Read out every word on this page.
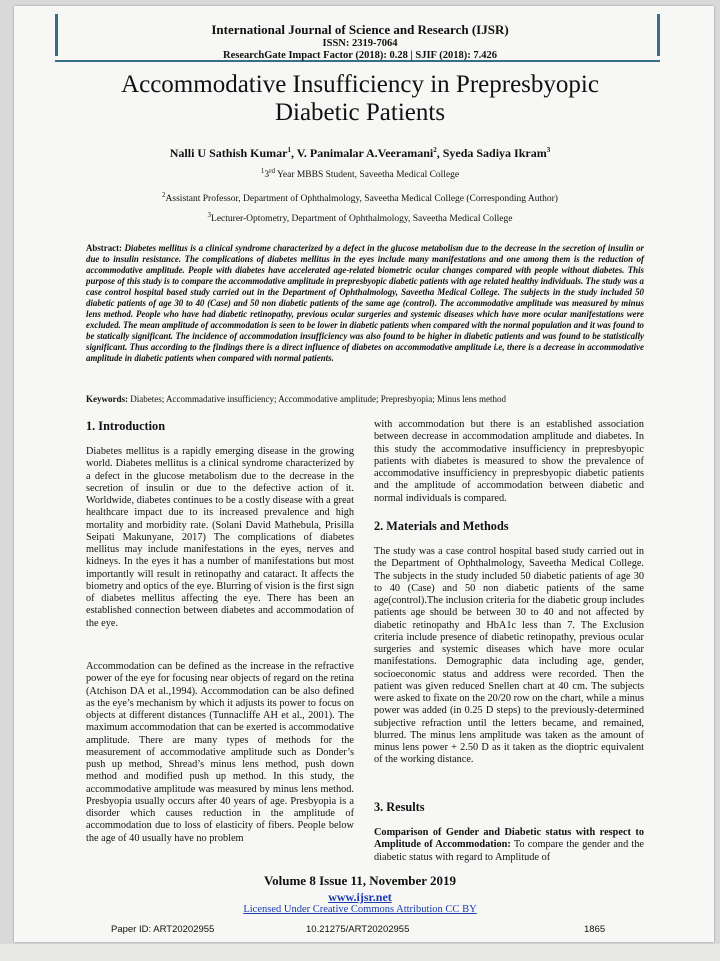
International Journal of Science and Research (IJSR)
ISSN: 2319-7064
ResearchGate Impact Factor (2018): 0.28 | SJIF (2018): 7.426
Accommodative Insufficiency in Prepresbyopic
Diabetic Patients
Nalli U Sathish Kumar$^1$, V. Panimalar A.Veeramani$^2$, Syeda Sadiya Ikram$^3$
$^1$3rd Year MBBS Student, Saveetha Medical College
$^2$Assistant Professor, Department of Ophthalmology, Saveetha Medical College (Corresponding Author)
$^3$Lecturer-Optometry, Department of Ophthalmology, Saveetha Medical College
Abstract: Diabetes mellitus is a clinical syndrome characterized by a defect in the glucose metabolism due to the decrease in the secretion of insulin or due to insulin resistance. The complications of diabetes mellitus in the eyes include many manifestations and one among them is the reduction of accommodative amplitude. People with diabetes have accelerated age-related biometric ocular changes compared with people without diabetes. This purpose of this study is to compare the accommodative amplitude in prepresbyopic diabetic patients with age related healthy individuals. The study was a case control hospital based study carried out in the Department of Ophthalmology, Saveetha Medical College. The subjects in the study included 50 diabetic patients of age 30 to 40 (Case) and 50 non diabetic patients of the same age (control). The accommodative amplitude was measured by minus lens method. People who have had diabetic retinopathy, previous ocular surgeries and systemic diseases which have more ocular manifestations were excluded. The mean amplitude of accommodation is seen to be lower in diabetic patients when compared with the normal population and it was found to be statically significant. The incidence of accommodation insufficiency was also found to be higher in diabetic patients and was found to be statistically significant. Thus according to the findings there is a direct influence of diabetes on accommodative amplitude i.e, there is a decrease in accommodative amplitude in diabetic patients when compared with normal patients.
Keywords: Diabetes; Accommadative insufficiency; Accommodative amplitude; Prepresbyopia; Minus lens method
1. Introduction

Diabetes mellitus is a rapidly emerging disease in the growing world. Diabetes mellitus is a clinical syndrome characterized by a defect in the glucose metabolism due to the decrease in the secretion of insulin or due to the defective action of it. Worldwide, diabetes continues to be a costly disease with a great healthcare impact due to its increased prevalence and high mortality and morbidity rate. (Solani David Mathebula, Prisilla Seipati Makunyane, 2017) The complications of diabetes mellitus may include manifestations in the eyes, nerves and kidneys. In the eyes it has a number of manifestations but most importantly will result in retinopathy and cataract. It affects the biometry and optics of the eye. Blurring of vision is the first sign of diabetes mellitus affecting the eye. There has been an established connection between diabetes and accommodation of the eye.

Accommodation can be defined as the increase in the refractive power of the eye for focusing near objects of regard on the retina (Atchison DA et al.,1994). Accommodation can be also defined as the eye’s mechanism by which it adjusts its power to focus on objects at different distances (Tunnacliffe AH et al., 2001). The maximum accommodation that can be exerted is accommodative amplitude. There are many types of methods for the measurement of accommodative amplitude such as Donder’s push up method, Shread’s minus lens method, push down method and modified push up method. In this study, the accommodative amplitude was measured by minus lens method. Presbyopia usually occurs after 40 years of age. Presbyopia is a disorder which causes reduction in the amplitude of accommodation due to loss of elasticity of fibers. People below the age of 40 usually have no problem

with accommodation but there is an established association between decrease in accommodation amplitude and diabetes. In this study the accommodative insufficiency in prepresbyopic patients with diabetes is measured to show the prevalence of accommodative insufficiency in prepresbyopic diabetic patients and the amplitude of accommodation between diabetic and normal individuals is compared.

2. Materials and Methods

The study was a case control hospital based study carried out in the Department of Ophthalmology, Saveetha Medical College. The subjects in the study included 50 diabetic patients of age 30 to 40 (Case) and 50 non diabetic patients of the same age(control).The inclusion criteria for the diabetic group includes patients age should be between 30 to 40 and not affected by diabetic retinopathy and HbA1c less than 7. The Exclusion criteria include presence of diabetic retinopathy, previous ocular surgeries and systemic diseases which have more ocular manifestations. Demographic data including age, gender, socioeconomic status and address were recorded. Then the patient was given reduced Snellen chart at 40 cm. The subjects were asked to fixate on the 20/20 row on the chart, while a minus power was added (in 0.25 D steps) to the previously-determined subjective refraction until the letters became, and remained, blurred. The minus lens amplitude was taken as the amount of minus lens power + 2.50 D as it taken as the dioptric equivalent of the working distance.

3. Results

Comparison of Gender and Diabetic status with respect to Amplitude of Accommodation: To compare the gender and the diabetic status with regard to Amplitude of

Volume 8 Issue 11, November 2019
www.ijsr.net
Licensed Under Creative Commons Attribution CC BY
Paper ID: ART20202955	10.21275/ART20202955	1865
